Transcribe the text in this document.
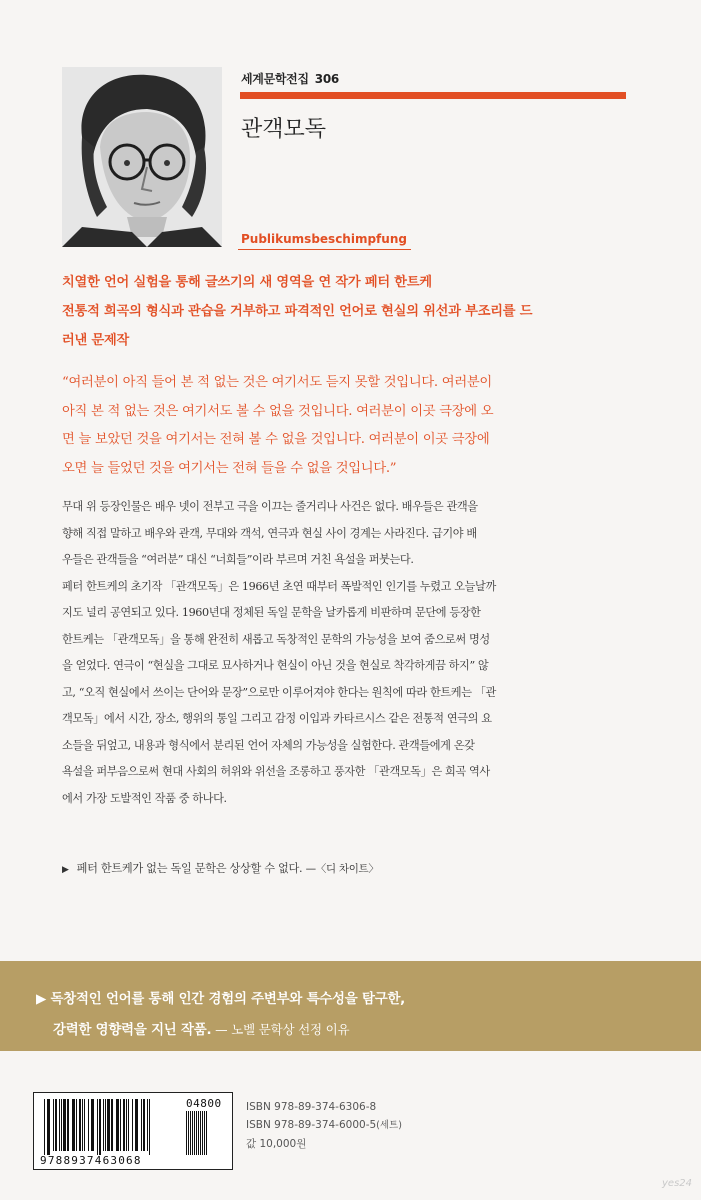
세계문학전집 306
관객모독
Publikumsbeschimpfung
치열한 언어 실험을 통해 글쓰기의 새 영역을 연 작가 페터 한트케
전통적 희곡의 형식과 관습을 거부하고 파격적인 언어로 현실의 위선과 부조리를 드
러낸 문제작
“여러분이 아직 들어 본 적 없는 것은 여기서도 듣지 못할 것입니다. 여러분이
아직 본 적 없는 것은 여기서도 볼 수 없을 것입니다. 여러분이 이곳 극장에 오
면 늘 보았던 것을 여기서는 전혀 볼 수 없을 것입니다. 여러분이 이곳 극장에
오면 늘 들었던 것을 여기서는 전혀 들을 수 없을 것입니다.”
무대 위 등장인물은 배우 넷이 전부고 극을 이끄는 줄거리나 사건은 없다. 배우들은 관객을
향해 직접 말하고 배우와 관객, 무대와 객석, 연극과 현실 사이 경계는 사라진다. 급기야 배
우들은 관객들을 “여러분” 대신 “너희들”이라 부르며 거친 욕설을 퍼붓는다.
페터 한트케의 초기작 「관객모독」은 1966년 초연 때부터 폭발적인 인기를 누렸고 오늘날까
지도 널리 공연되고 있다. 1960년대 정체된 독일 문학을 날카롭게 비판하며 문단에 등장한
한트케는 「관객모독」을 통해 완전히 새롭고 독창적인 문학의 가능성을 보여 줌으로써 명성
을 얻었다. 연극이 “현실을 그대로 묘사하거나 현실이 아닌 것을 현실로 착각하게끔 하지” 않
고, “오직 현실에서 쓰이는 단어와 문장”으로만 이루어져야 한다는 원칙에 따라 한트케는 「관
객모독」에서 시간, 장소, 행위의 통일 그리고 감정 이입과 카타르시스 같은 전통적 연극의 요
소들을 뒤엎고, 내용과 형식에서 분리된 언어 자체의 가능성을 실험한다. 관객들에게 온갖
욕설을 퍼부음으로써 현대 사회의 허위와 위선을 조롱하고 풍자한 「관객모독」은 희곡 역사
에서 가장 도발적인 작품 중 하나다.
▶ 페터 한트케가 없는 독일 문학은 상상할 수 없다. —〈디 차이트〉
▶ 독창적인 언어를 통해 인간 경험의 주변부와 특수성을 탐구한,
강력한 영향력을 지닌 작품. — 노벨 문학상 선정 이유
9788937463068
04800 ISBN 978-89-374-6306-8
ISBN 978-89-374-6000-5(세트)
값 10,000원
yes24
